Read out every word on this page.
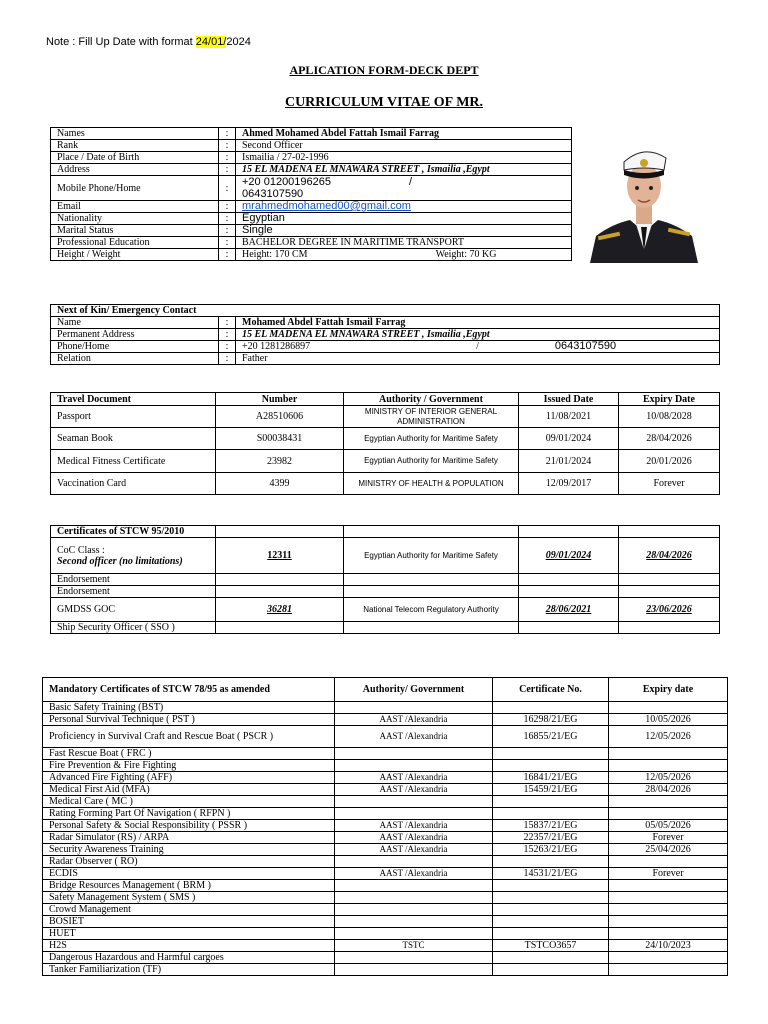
Note : Fill Up Date with format 24/01/2024
APLICATION FORM-DECK DEPT
CURRICULUM VITAE OF MR.
Names	:	Ahmed Mohamed Abdel Fattah Ismail Farrag	
Rank	:	Second Officer	
Place / Date of Birth	:	Ismailia / 27-02-1996	
Address	:	15 EL MADENA EL MNAWARA STREET , Ismailia ,Egypt	
Mobile Phone/Home	:	+20 01200196265 /
0643107590	
Email	:	mrahmedmohamed00@gmail.com	
Nationality	:	Egyptian	
Marital Status	:	Single	
Professional Education	:	BACHELOR DEGREE IN MARITIME TRANSPORT	
Height / Weight	:	Height: 170 CM Weight: 70 KG	
Next of Kin/ Emergency Contact		
Name	:	Mohamed Abdel Fattah Ismail Farrag
Permanent Address	:	15 EL MADENA EL MNAWARA STREET , Ismailia ,Egypt
Phone/Home	:	+20 1281286897 / 0643107590
Relation	:	Father
Travel Document	Number	Authority / Government	Issued Date	Expiry Date
Passport	A28510606	MINISTRY OF INTERIOR GENERAL ADMINISTRATION	11/08/2021	10/08/2028
Seaman Book	S00038431	Egyptian Authority for Maritime Safety	09/01/2024	28/04/2026
Medical Fitness Certificate	23982	Egyptian Authority for Maritime Safety	21/01/2024	20/01/2026
Vaccination Card	4399	MINISTRY OF HEALTH & POPULATION	12/09/2017	Forever
Certificates of STCW 95/2010				

CoC Class :
Second officer (no limitations)	12311	Egyptian Authority for Maritime Safety	09/01/2024	28/04/2026
Endorsement				
Endorsement				
GMDSS GOC	36281	National Telecom Regulatory Authority	28/06/2021	23/06/2026
Ship Security Officer ( SSO )				
Mandatory Certificates of STCW 78/95 as amended	Authority/ Government	Certificate No.	Expiry date
Basic Safety Training (BST)			
Personal Survival Technique ( PST )	AAST /Alexandria	16298/21/EG	10/05/2026
Proficiency in Survival Craft and Rescue Boat ( PSCR )	AAST /Alexandria	16855/21/EG	12/05/2026
Fast Rescue Boat ( FRC )			
Fire Prevention & Fire Fighting			
Advanced Fire Fighting (AFF)	AAST /Alexandria	16841/21/EG	12/05/2026
Medical First Aid (MFA)	AAST /Alexandria	15459/21/EG	28/04/2026
Medical Care ( MC )			
Rating Forming Part Of Navigation ( RFPN )			
Personal Safety & Social Responsibility ( PSSR )	AAST /Alexandria	15837/21/EG	05/05/2026
Radar Simulator (RS) / ARPA	AAST /Alexandria	22357/21/EG	Forever
Security Awareness Training	AAST /Alexandria	15263/21/EG	25/04/2026
Radar Observer ( RO)			
ECDIS	AAST /Alexandria	14531/21/EG	Forever
Bridge Resources Management ( BRM )			
Safety Management System ( SMS )			
Crowd Management			
BOSIET			
HUET			
H2S	TSTC	TSTCO3657	24/10/2023
Dangerous Hazardous and Harmful cargoes			
Tanker Familiarization (TF)			
